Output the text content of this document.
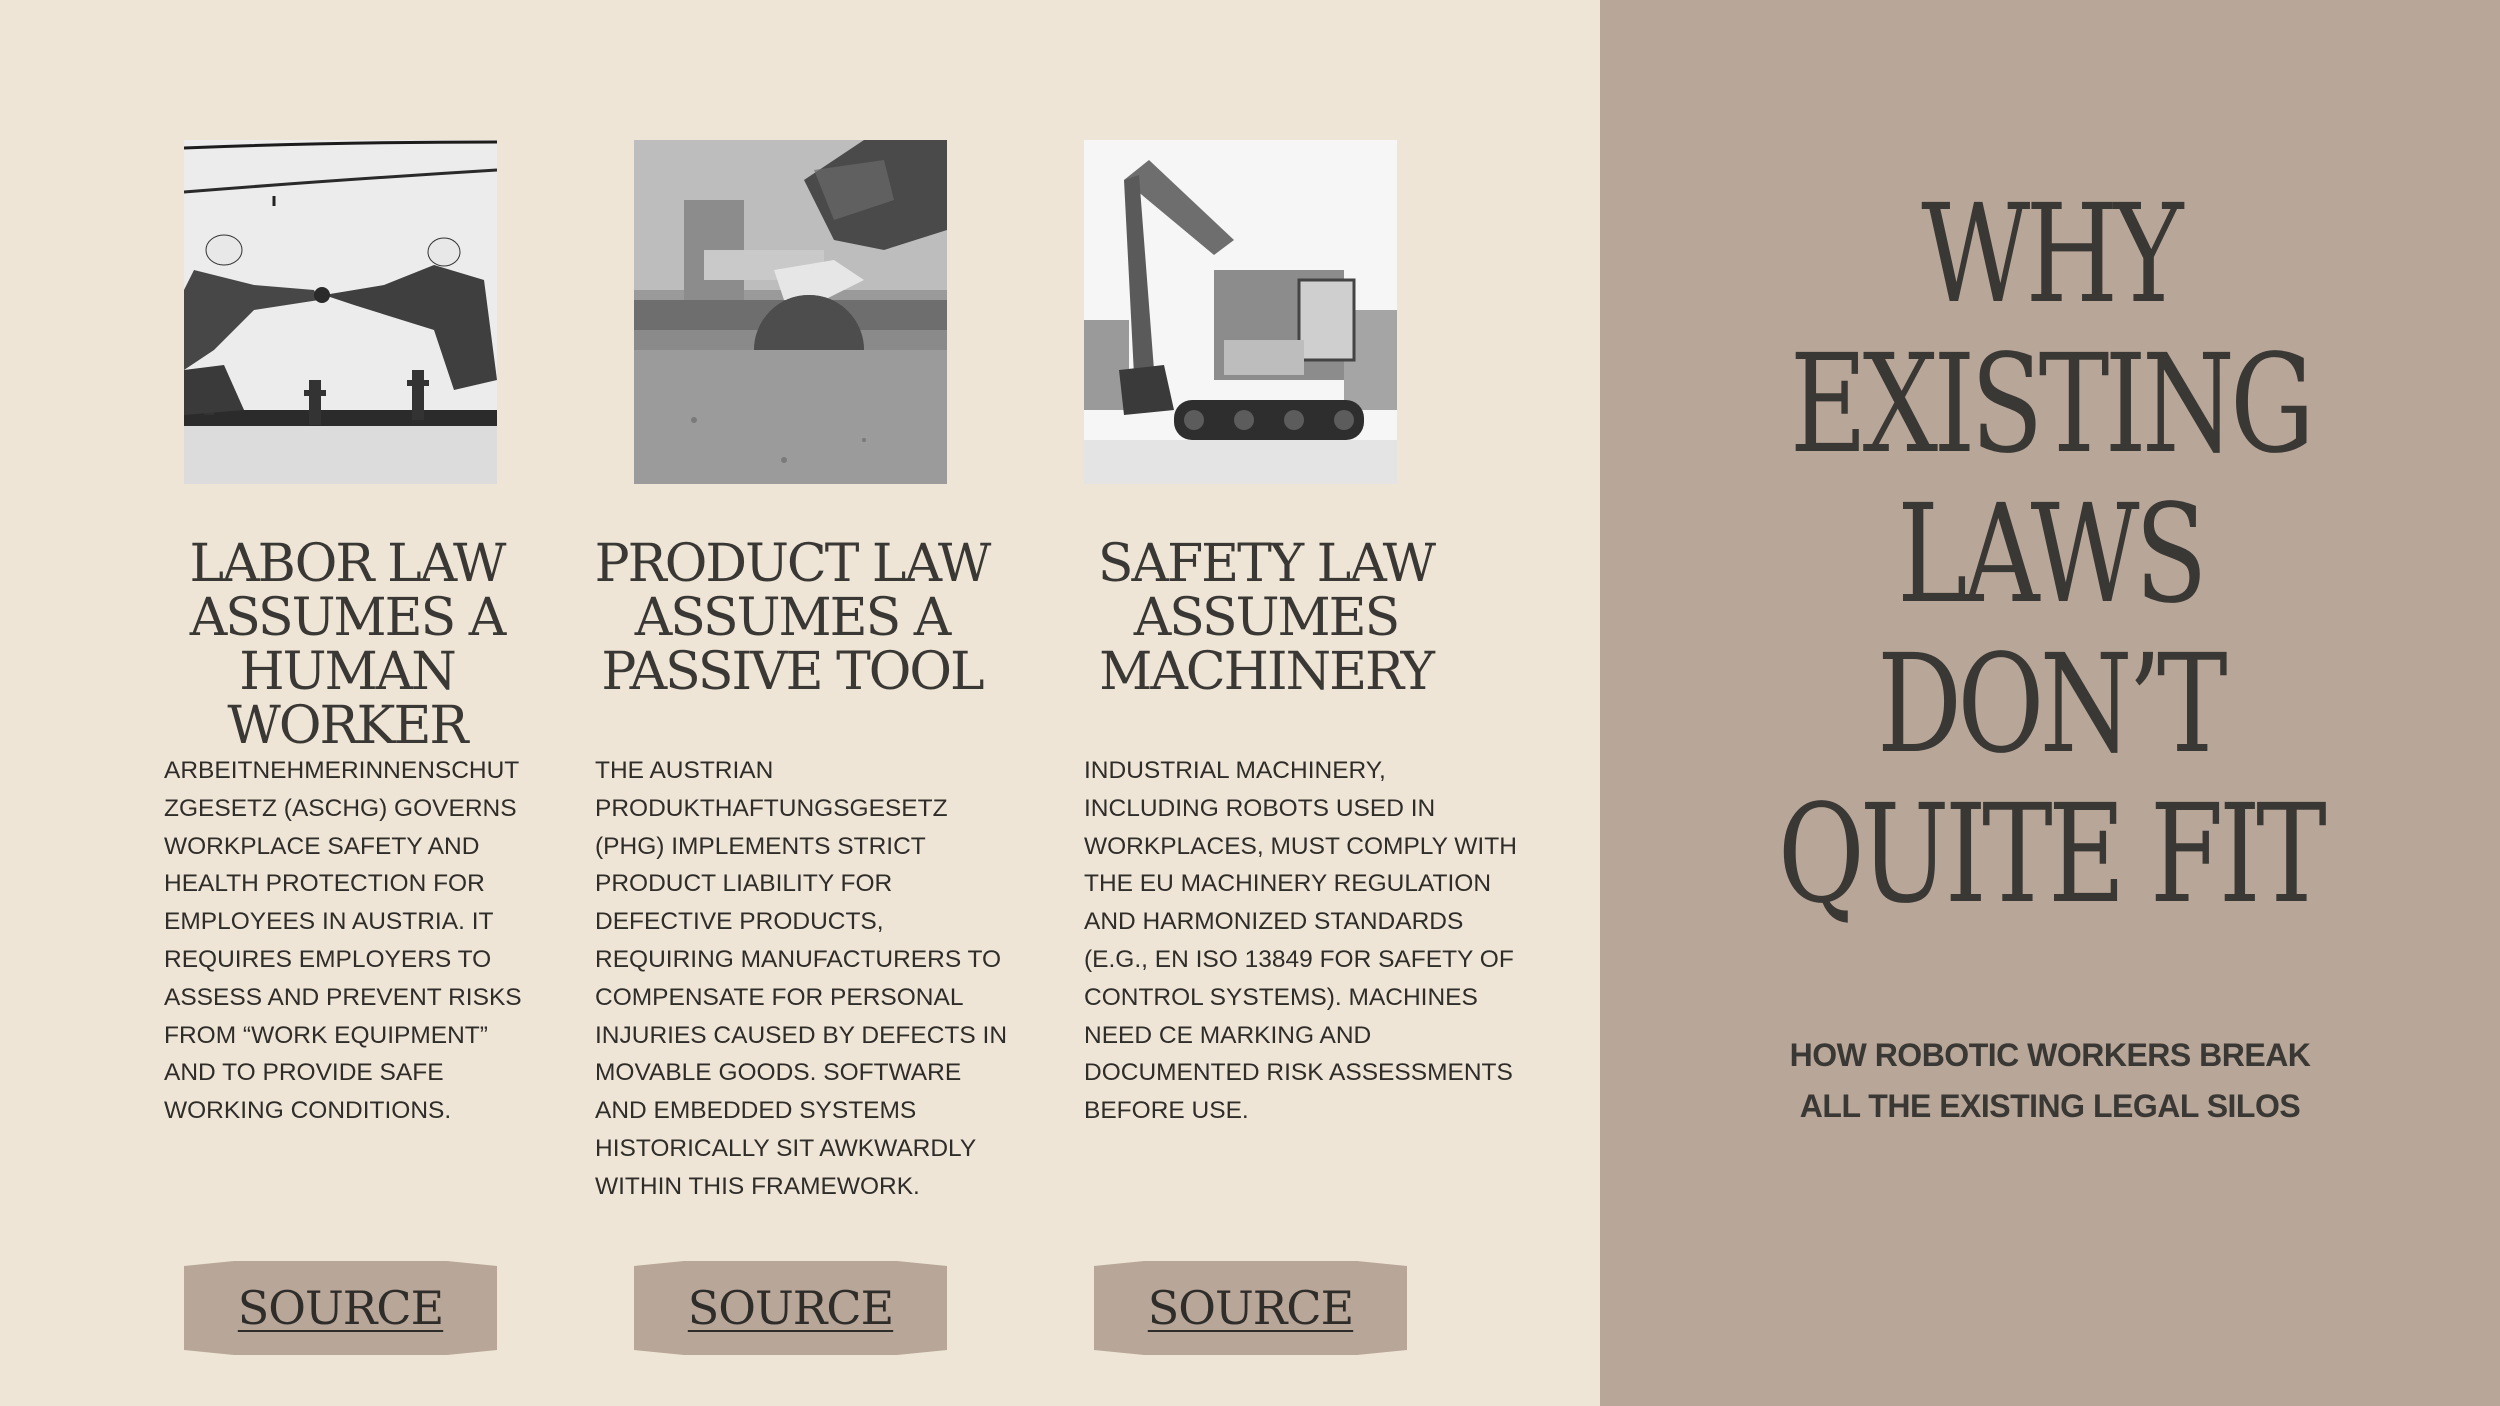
LABOR LAW
ASSUMES A
HUMAN WORKER
PRODUCT LAW
ASSUMES A
PASSIVE TOOL
SAFETY LAW
ASSUMES
MACHINERY
ARBEITNEHMERINNENSCHUT
ZGESETZ (ASCHG) GOVERNS
WORKPLACE SAFETY AND
HEALTH PROTECTION FOR
EMPLOYEES IN AUSTRIA. IT
REQUIRES EMPLOYERS TO
ASSESS AND PREVENT RISKS
FROM “WORK EQUIPMENT”
AND TO PROVIDE SAFE
WORKING CONDITIONS.
THE AUSTRIAN
PRODUKTHAFTUNGSGESETZ
(PHG) IMPLEMENTS STRICT
PRODUCT LIABILITY FOR
DEFECTIVE PRODUCTS,
REQUIRING MANUFACTURERS TO
COMPENSATE FOR PERSONAL
INJURIES CAUSED BY DEFECTS IN
MOVABLE GOODS. SOFTWARE
AND EMBEDDED SYSTEMS
HISTORICALLY SIT AWKWARDLY
WITHIN THIS FRAMEWORK.
INDUSTRIAL MACHINERY,
INCLUDING ROBOTS USED IN
WORKPLACES, MUST COMPLY WITH
THE EU MACHINERY REGULATION
AND HARMONIZED STANDARDS
(E.G., EN ISO 13849 FOR SAFETY OF
CONTROL SYSTEMS). MACHINES
NEED CE MARKING AND
DOCUMENTED RISK ASSESSMENTS
BEFORE USE.
SOURCE	SOURCE	SOURCE
WHY
EXISTING
LAWS
DON’T
QUITE FIT
HOW ROBOTIC WORKERS BREAK
ALL THE EXISTING LEGAL SILOS
